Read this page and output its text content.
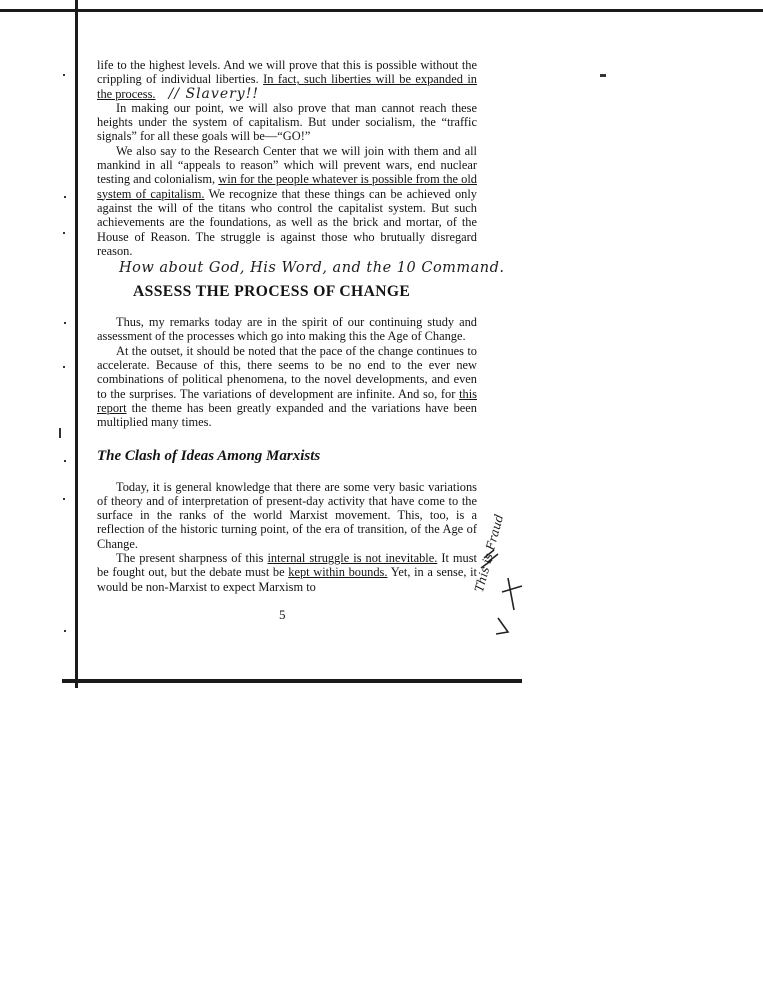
life to the highest levels. And we will prove that this is possible without the crippling of individual liberties. In fact, such liberties will be expanded in the process. // Slavery!!

In making our point, we will also prove that man cannot reach these heights under the system of capitalism. But under socialism, the “traffic signals” for all these goals will be—“GO!”

We also say to the Research Center that we will join with them and all mankind in all “appeals to reason” which will prevent wars, end nuclear testing and colonialism, win for the people whatever is possible from the old system of capitalism. We recognize that these things can be achieved only against the will of the titans who control the capitalist system. But such achievements are the foundations, as well as the brick and mortar, of the House of Reason. The struggle is against those who brutually disregard reason.

How about God, His Word, and the 10 Command.
ASSESS THE PROCESS OF CHANGE

Thus, my remarks today are in the spirit of our continuing study and assessment of the processes which go into making this the Age of Change.

At the outset, it should be noted that the pace of the change continues to accelerate. Because of this, there seems to be no end to the ever new combinations of political phenomena, to the novel developments, and even to the surprises. The variations of development are infinite. And so, for this report the theme has been greatly expanded and the variations have been multiplied many times.

The Clash of Ideas Among Marxists

Today, it is general knowledge that there are some very basic variations of theory and of interpretation of present-day activity that have come to the surface in the ranks of the world Marxist movement. This, too, is a reflection of the historic turning point, of the era of transition, of the Age of Change.

The present sharpness of this internal struggle is not inevitable. It must be fought out, but the debate must be kept within bounds. Yet, in a sense, it would be non-Marxist to expect Marxism to

5
This is Fraud
